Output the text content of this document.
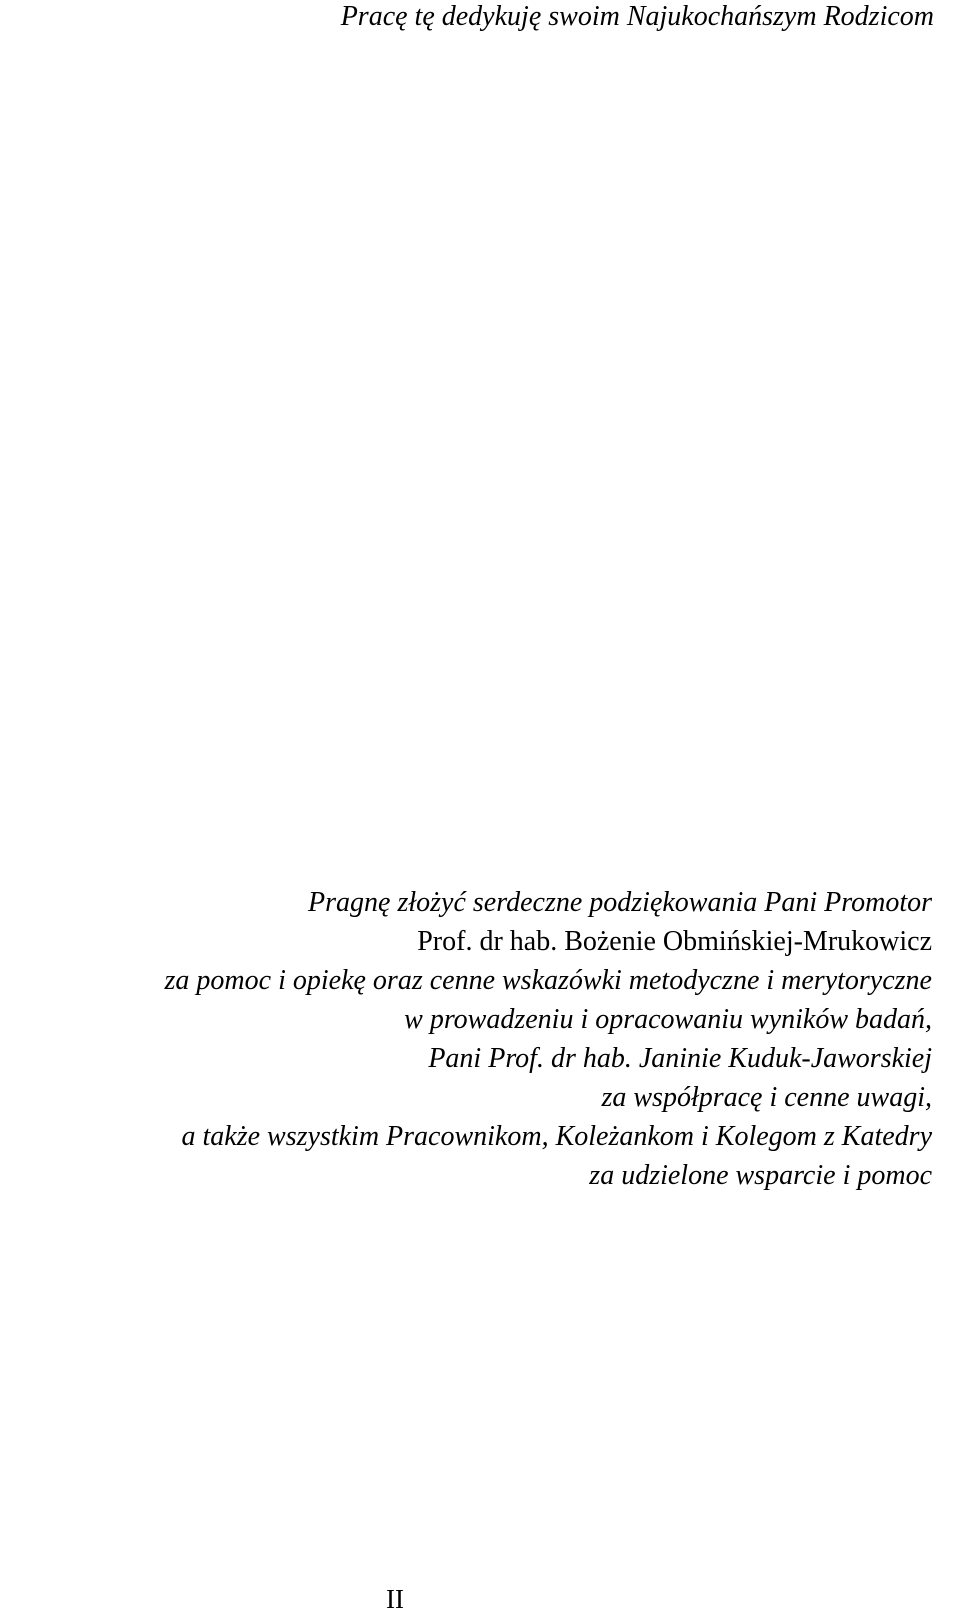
Pracę tę dedykuję swoim Najukochańszym Rodzicom
Pragnę złożyć serdeczne podziękowania Pani Promotor
Prof. dr hab. Bożenie Obmińskiej-Mrukowicz
za pomoc i opiekę oraz cenne wskazówki metodyczne i merytoryczne
w prowadzeniu i opracowaniu wyników badań,
Pani Prof. dr hab. Janinie Kuduk-Jaworskiej
za współpracę i cenne uwagi,
a także wszystkim Pracownikom, Koleżankom i Kolegom z Katedry
za udzielone wsparcie i pomoc
II
